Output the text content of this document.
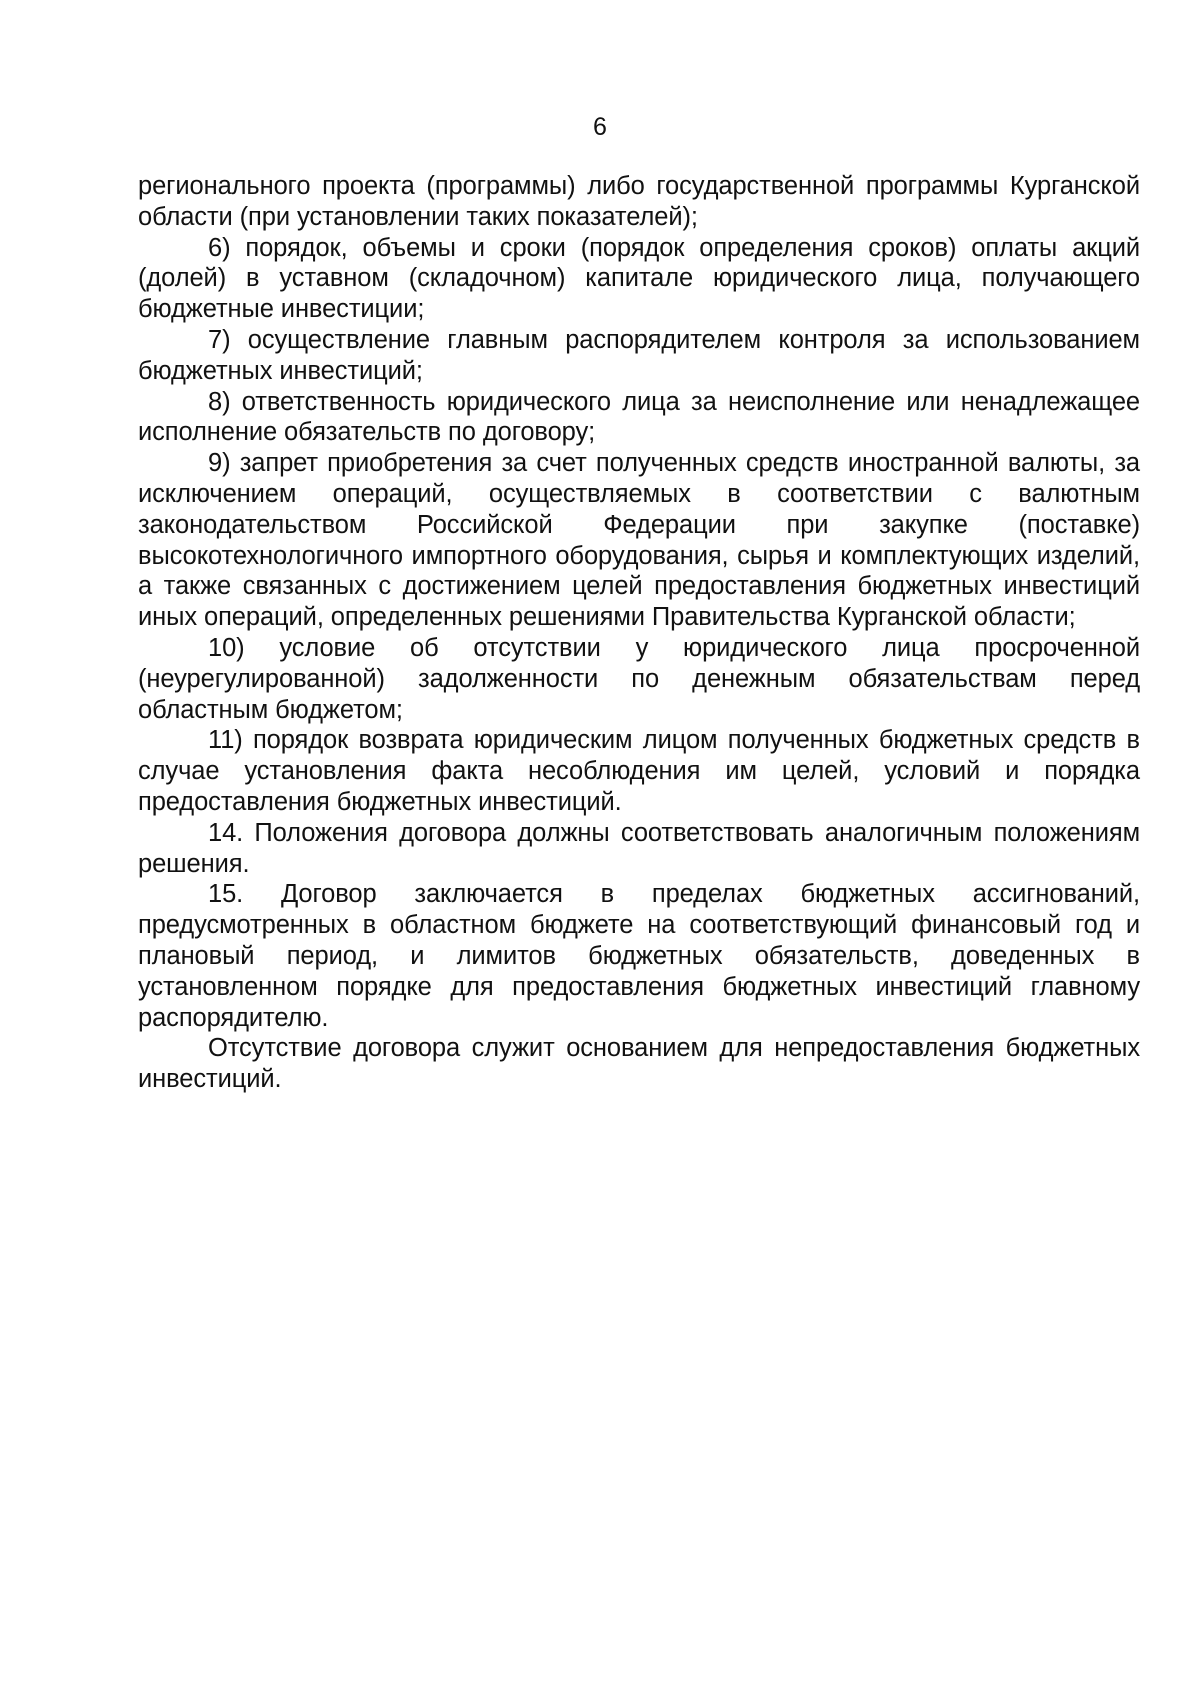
6

регионального проекта (программы) либо государственной программы Курганской области (при установлении таких показателей);

6) порядок, объемы и сроки (порядок определения сроков) оплаты акций (долей) в уставном (складочном) капитале юридического лица, получающего бюджетные инвестиции;

7) осуществление главным распорядителем контроля за использованием бюджетных инвестиций;

8) ответственность юридического лица за неисполнение или ненадлежащее исполнение обязательств по договору;

9) запрет приобретения за счет полученных средств иностранной валюты, за исключением операций, осуществляемых в соответствии с валютным законодательством Российской Федерации при закупке (поставке) высокотехнологичного импортного оборудования, сырья и комплектующих изделий, а также связанных с достижением целей предоставления бюджетных инвестиций иных операций, определенных решениями Правительства Курганской области;

10) условие об отсутствии у юридического лица просроченной (неурегулированной) задолженности по денежным обязательствам перед областным бюджетом;

11) порядок возврата юридическим лицом полученных бюджетных средств в случае установления факта несоблюдения им целей, условий и порядка предоставления бюджетных инвестиций.

14. Положения договора должны соответствовать аналогичным положениям решения.

15. Договор заключается в пределах бюджетных ассигнований, предусмотренных в областном бюджете на соответствующий финансовый год и плановый период, и лимитов бюджетных обязательств, доведенных в установленном порядке для предоставления бюджетных инвестиций главному распорядителю.

Отсутствие договора служит основанием для непредоставления бюджетных инвестиций.
